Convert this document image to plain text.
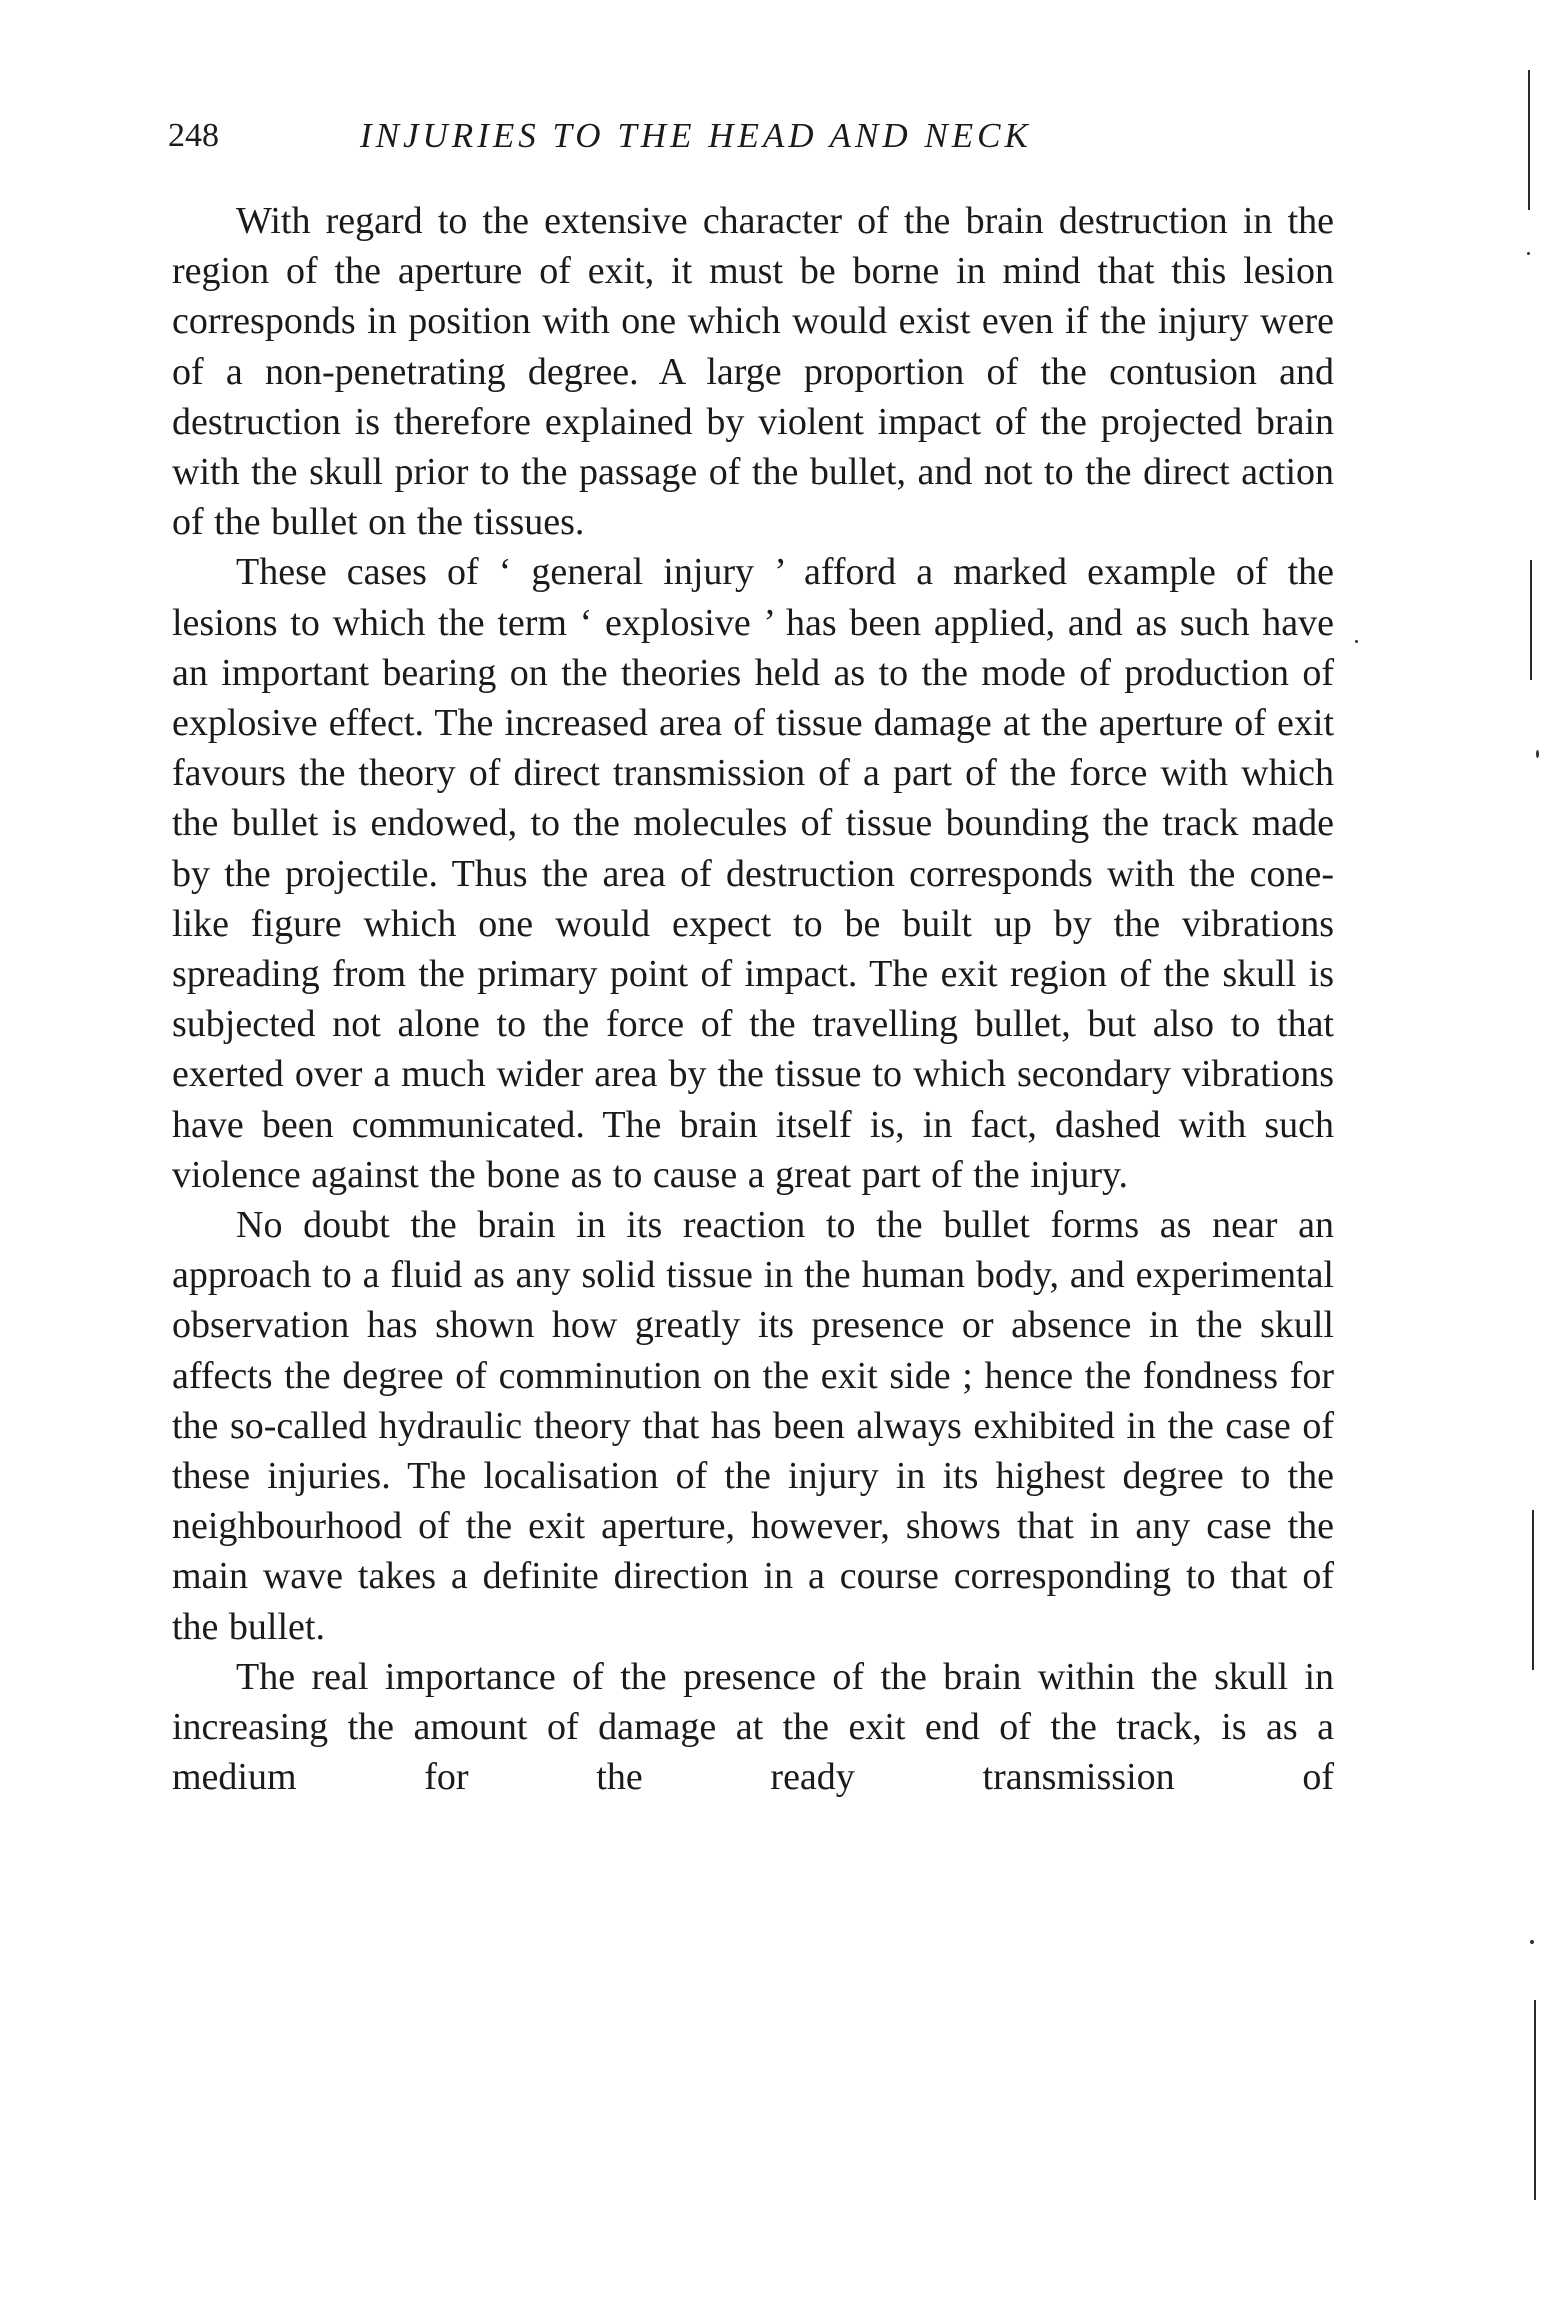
248	INJURIES TO THE HEAD AND NECK

With regard to the extensive character of the brain destruction in the region of the aperture of exit, it must be borne in mind that this lesion corresponds in position with one which would exist even if the injury were of a non-penetrating degree. A large proportion of the contusion and destruction is therefore explained by violent impact of the projected brain with the skull prior to the passage of the bullet, and not to the direct action of the bullet on the tissues.

These cases of ‘ general injury ’ afford a marked example of the lesions to which the term ‘ explosive ’ has been applied, and as such have an important bearing on the theories held as to the mode of production of explosive effect. The increased area of tissue damage at the aperture of exit favours the theory of direct transmission of a part of the force with which the bullet is endowed, to the molecules of tissue bounding the track made by the projectile. Thus the area of destruction corresponds with the cone-like figure which one would expect to be built up by the vibrations spreading from the primary point of impact. The exit region of the skull is subjected not alone to the force of the travelling bullet, but also to that exerted over a much wider area by the tissue to which secondary vibrations have been communicated. The brain itself is, in fact, dashed with such violence against the bone as to cause a great part of the injury.

No doubt the brain in its reaction to the bullet forms as near an approach to a fluid as any solid tissue in the human body, and experimental observation has shown how greatly its presence or absence in the skull affects the degree of comminution on the exit side ; hence the fondness for the so-called hydraulic theory that has been always exhibited in the case of these injuries. The localisation of the injury in its highest degree to the neighbourhood of the exit aperture, however, shows that in any case the main wave takes a definite direction in a course corresponding to that of the bullet.

The real importance of the presence of the brain within the skull in increasing the amount of damage at the exit end of the track, is as a medium for the ready transmission of
